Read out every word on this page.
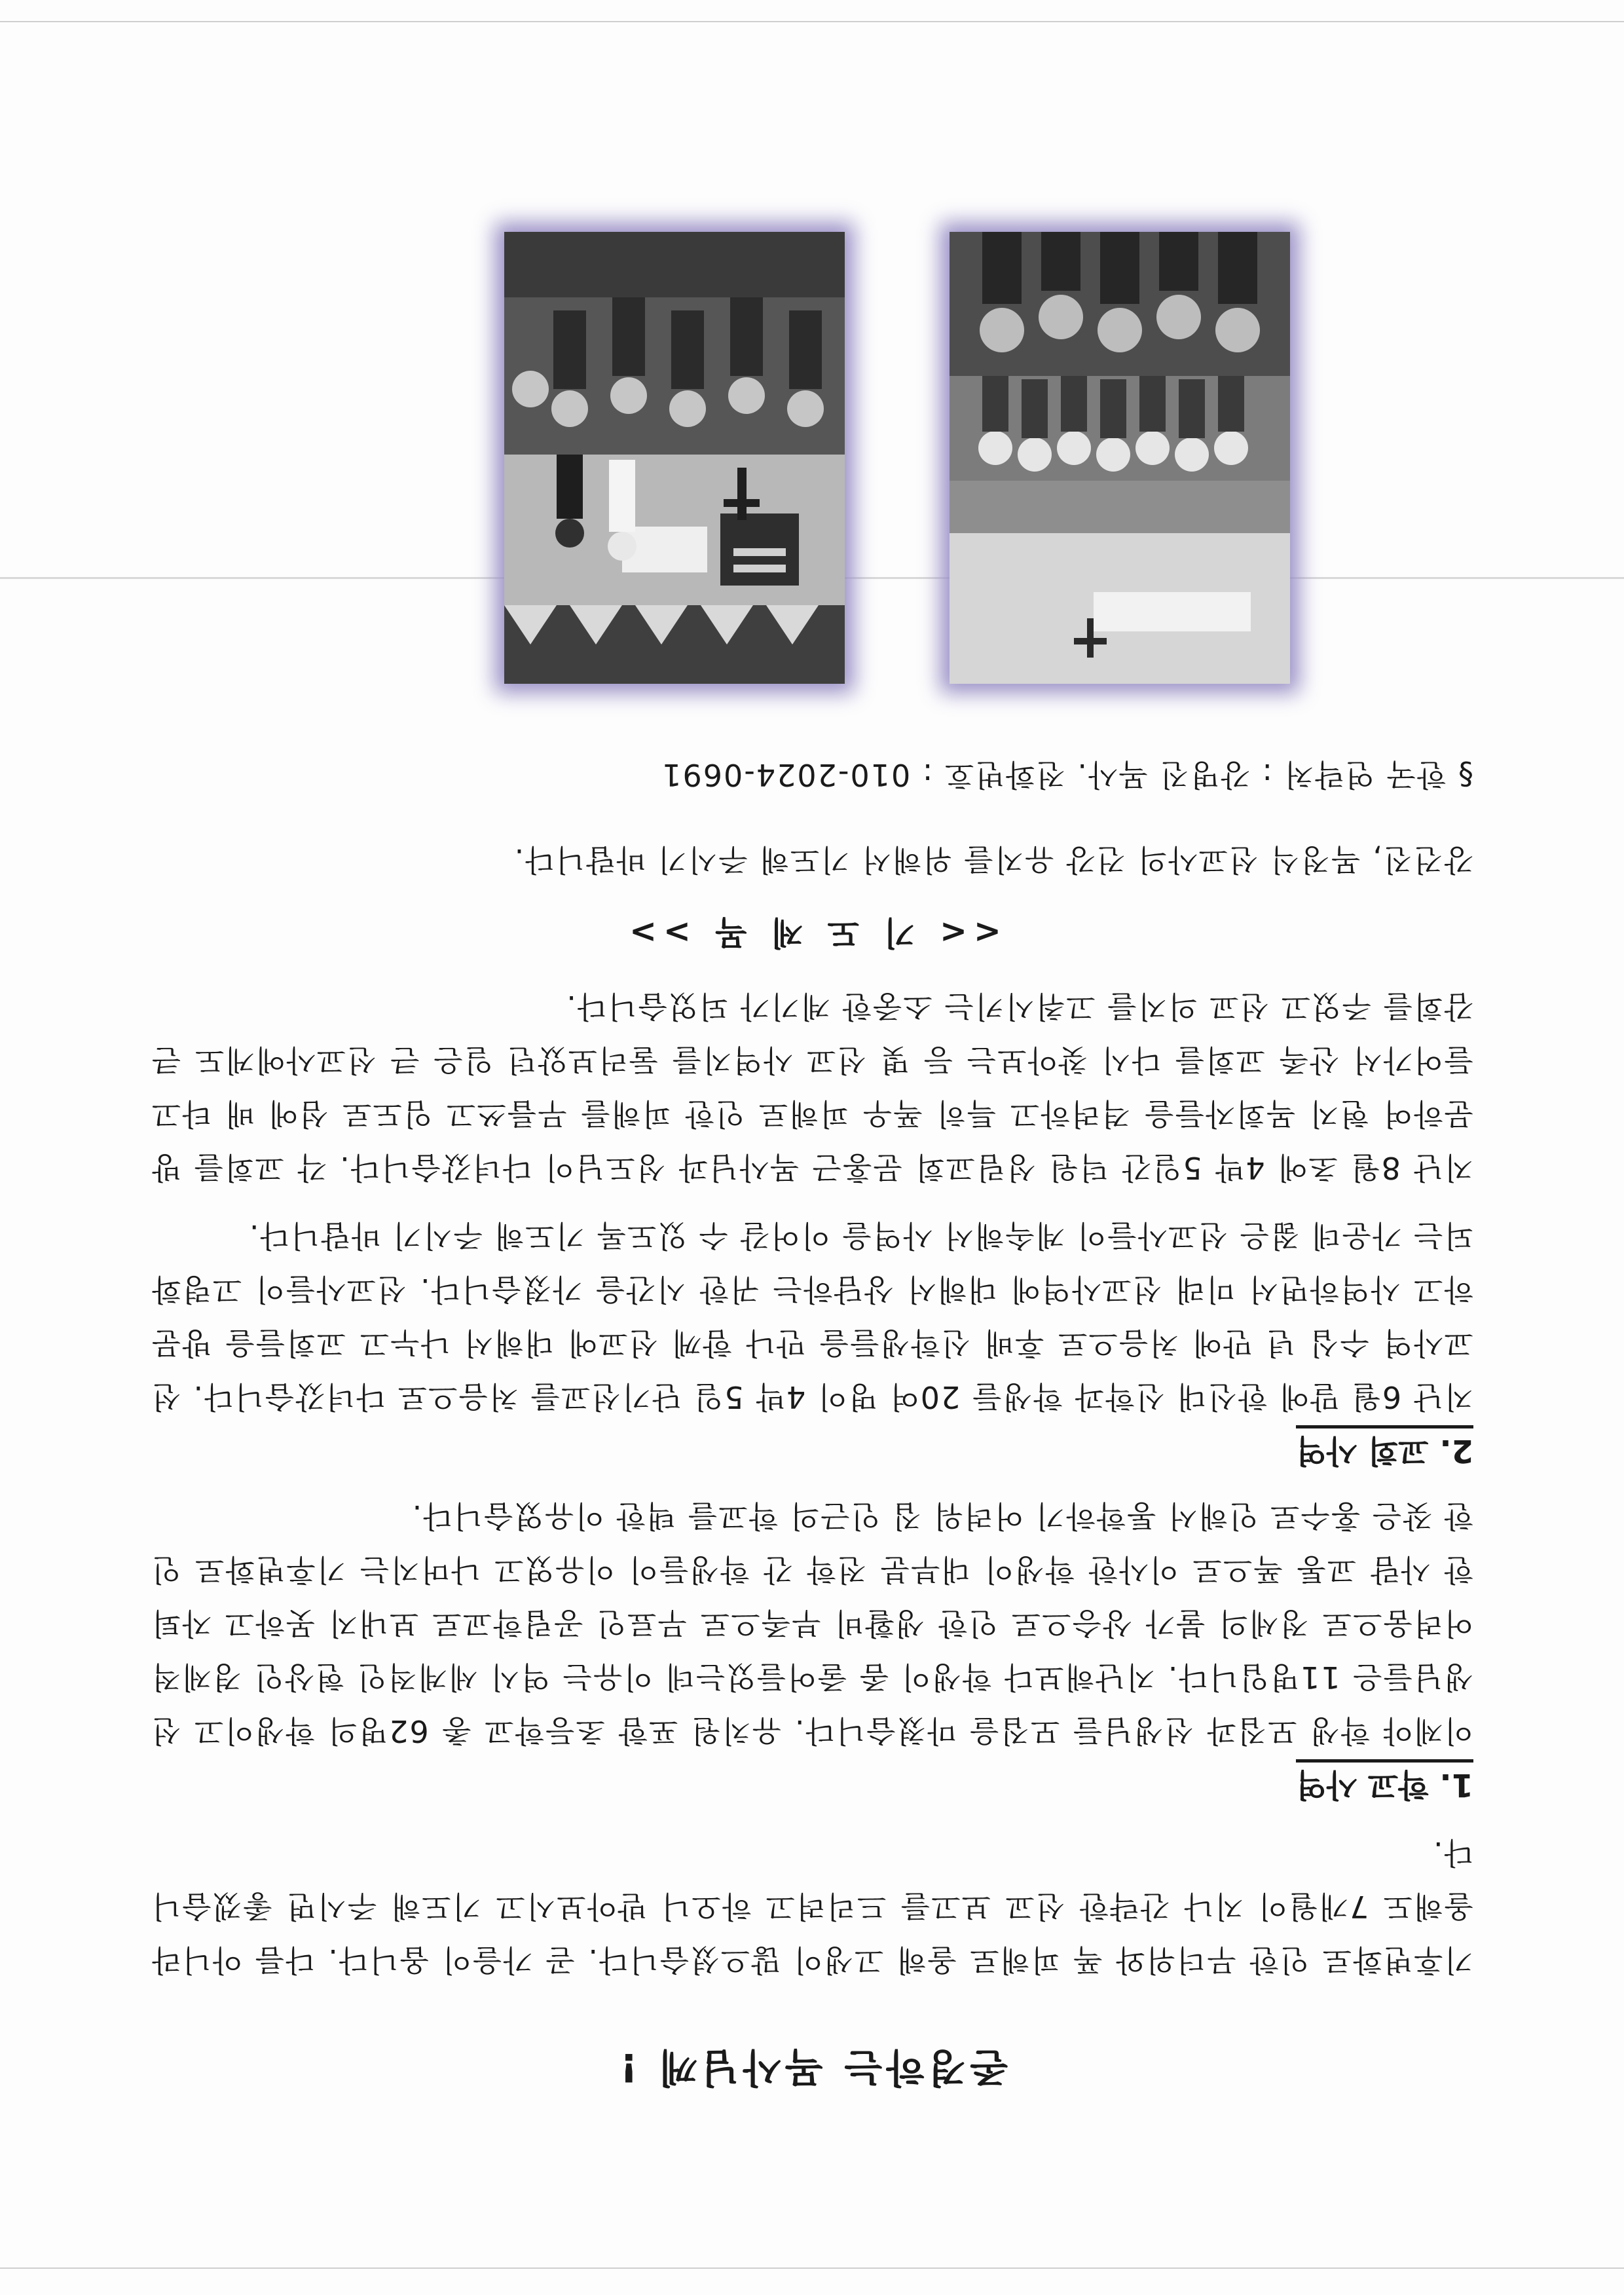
존경하는 목사님께 !
기후변화로 인한 무더위와 폭 피해로 올해 고생이 많으셨습니다. 곧 가을이 옵니다. 다름 아니라 올해도 7개월이 지나 간략한 선교 보고를 드리려고 하오니 받아보시고 기도해 주시면 좋겠습니다.
1. 학교 사역
이제야 학생 모집과 선생님들 모집을 마쳤습니다. 유치원 포함 초등학교 총 62명의 학생이고 선생님들은 11명입니다. 지난해보다 학생이 좀 줄어들었는데 이유는 역시 세계적인 현상인 경제적 어려움으로 정세의 불가 상승으로 인한 생활비 부족으로 무료인 공립학교로 보내지 못하고 자퇴한 사람 교통 폭으로 이사한 학생이 대부분 전학 간 학생들이 이유였고 나머지는 기후변화로 인한 잦은 홍수로 인해서 통학하기 어려워 집 인근의 학교를 택한 이유였습니다.
2. 교회 사역
지난 6월 말에 한신대 신학과 학생들 20여 명이 4박 5일 단기선교를 처음으로 다녀갔습니다. 선교사역 수십 년 만에 처음으로 후배 신학생들을 만나 함께 선교에 대해서 나누고 교회들을 방문하고 사역하면서 미래 선교사역에 대해서 상담하는 귀한 시간을 가졌습니다. 선교사들이 고령화되는 가운데 젊은 선교사들이 계속해서 사역을 이어갈 수 있도록 기도해 주시기 바랍니다.
지난 8월 초에 4박 5일간 덕원 성림교회 문홍근 목사님과 성도님이 다녀갔습니다. 각 교회를 방문하여 현지 목회자들을 격려하고 특히 폭우 피해로 인한 피해를 무릅쓰고 임도로 섬에 배 타고 들어가서 산족 교회를 다시 찾아보는 등 몇 선교 사역지를 둘러보았던 일은 큰 선교사에게도 큰 감회를 주었고 선교 의지를 고취시키는 소중한 계기가 되었습니다.
<< 기 도 제 목 >>
강건진, 목정식 선교사의 건강 유지를 위해서 기도해 주시기 바랍니다.
§ 한국 연락처 : 강명진 목사. 전화번호 : 010-2024-0691
